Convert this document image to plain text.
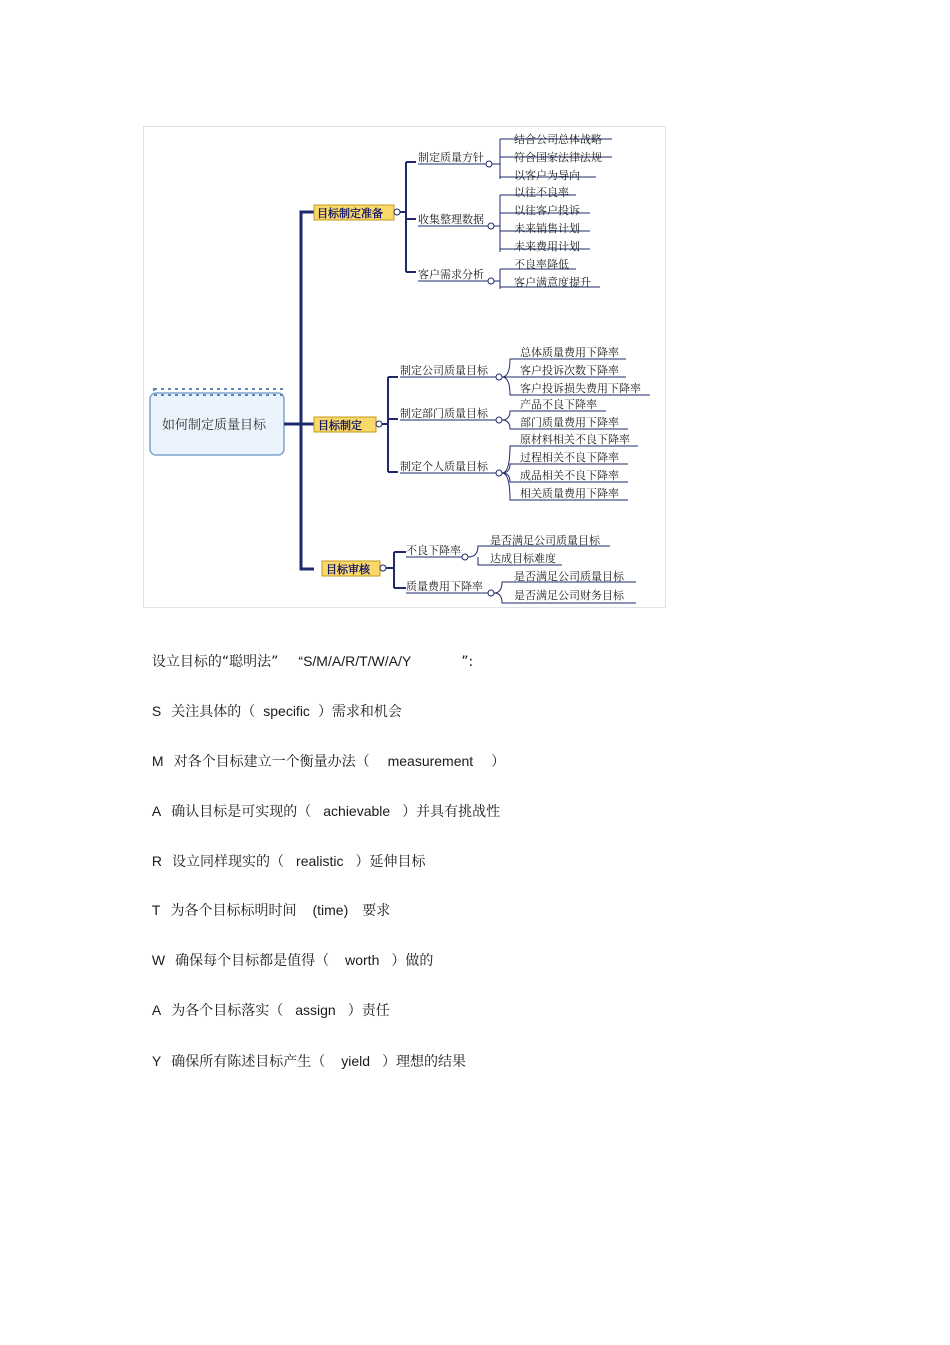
如何制定质量目标
目标制定准备
制定质量方针
结合公司总体战略
符合国家法律法规
以客户为导向
收集整理数据
以往不良率
以往客户投诉
未来销售计划
未来费用计划
客户需求分析
不良率降低
客户满意度提升
目标制定
制定公司质量目标
总体质量费用下降率
客户投诉次数下降率
客户投诉损失费用下降率
制定部门质量目标
产品不良下降率
部门质量费用下降率
制定个人质量目标
原材料相关不良下降率
过程相关不良下降率
成品相关不良下降率
相关质量费用下降率
目标审核
不良下降率
是否满足公司质量目标
达成目标难度
质量费用下降率
是否满足公司质量目标
是否满足公司财务目标

设立目标的“聪明法” “S/M/A/R/T/W/A/Y	”:

S 关注具体的（ specific ）需求和机会

M 对各个目标建立一个衡量办法（ measurement ）

A 确认目标是可实现的（ achievable ）并具有挑战性

R 设立同样现实的（ realistic ）延伸目标

T 为各个目标标明时间 (time) 要求

W 确保每个目标都是值得（ worth ）做的

A 为各个目标落实（ assign ）责任

Y 确保所有陈述目标产生（ yield ）理想的结果
